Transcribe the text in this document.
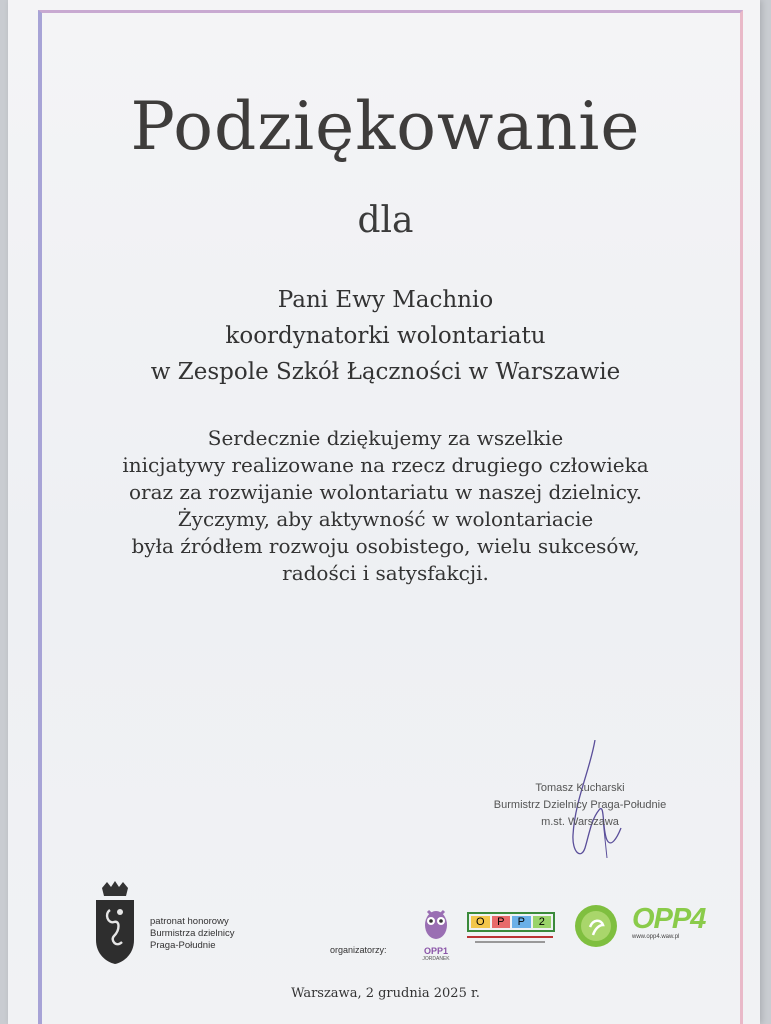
Podziękowanie
dla
Pani Ewy Machnio
koordynatorki wolontariatu
w Zespole Szkół Łączności w Warszawie
Serdecznie dziękujemy za wszelkie
inicjatywy realizowane na rzecz drugiego człowieka
oraz za rozwijanie wolontariatu w naszej dzielnicy.
Życzymy, aby aktywność w wolontariacie
była źródłem rozwoju osobistego, wielu sukcesów,
radości i satysfakcji.
Tomasz Kucharski
Burmistrz Dzielnicy Praga-Południe
m.st. Warszawa
patronat honorowy
Burmistrza dzielnicy
Praga-Południe	organizatorzy:	OPP1
JORDANEK
O	P	P	2	OPP4
www.opp4.waw.pl
Warszawa, 2 grudnia 2025 r.
